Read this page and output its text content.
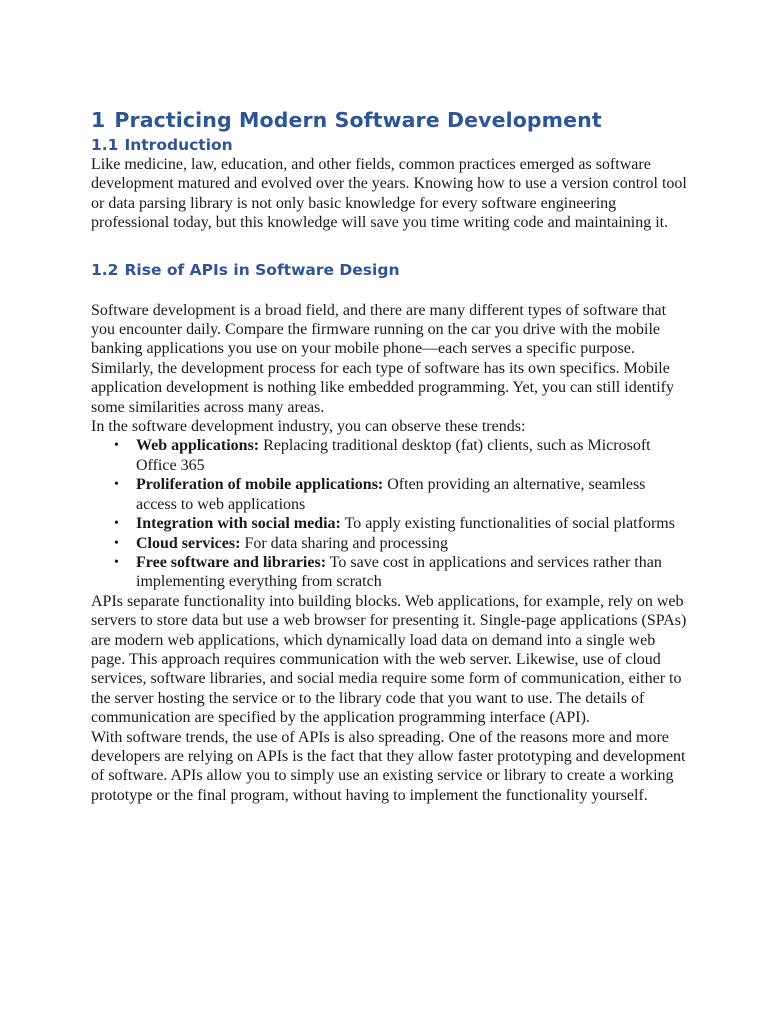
1 Practicing Modern Software Development
1.1 Introduction

Like medicine, law, education, and other fields, common practices emerged as software development matured and evolved over the years. Knowing how to use a version control tool or data parsing library is not only basic knowledge for every software engineering professional today, but this knowledge will save you time writing code and maintaining it.

1.2 Rise of APIs in Software Design

Software development is a broad field, and there are many different types of software that you encounter daily. Compare the firmware running on the car you drive with the mobile banking applications you use on your mobile phone—each serves a specific purpose. Similarly, the development process for each type of software has its own specifics. Mobile application development is nothing like embedded programming. Yet, you can still identify some similarities across many areas.

In the software development industry, you can observe these trends:

• Web applications: Replacing traditional desktop (fat) clients, such as Microsoft Office 365
• Proliferation of mobile applications: Often providing an alternative, seamless access to web applications
• Integration with social media: To apply existing functionalities of social platforms
• Cloud services: For data sharing and processing
• Free software and libraries: To save cost in applications and services rather than implementing everything from scratch

APIs separate functionality into building blocks. Web applications, for example, rely on web servers to store data but use a web browser for presenting it. Single-page applications (SPAs) are modern web applications, which dynamically load data on demand into a single web page. This approach requires communication with the web server. Likewise, use of cloud services, software libraries, and social media require some form of communication, either to the server hosting the service or to the library code that you want to use. The details of communication are specified by the application programming interface (API).

With software trends, the use of APIs is also spreading. One of the reasons more and more developers are relying on APIs is the fact that they allow faster prototyping and development of software. APIs allow you to simply use an existing service or library to create a working prototype or the final program, without having to implement the functionality yourself.
